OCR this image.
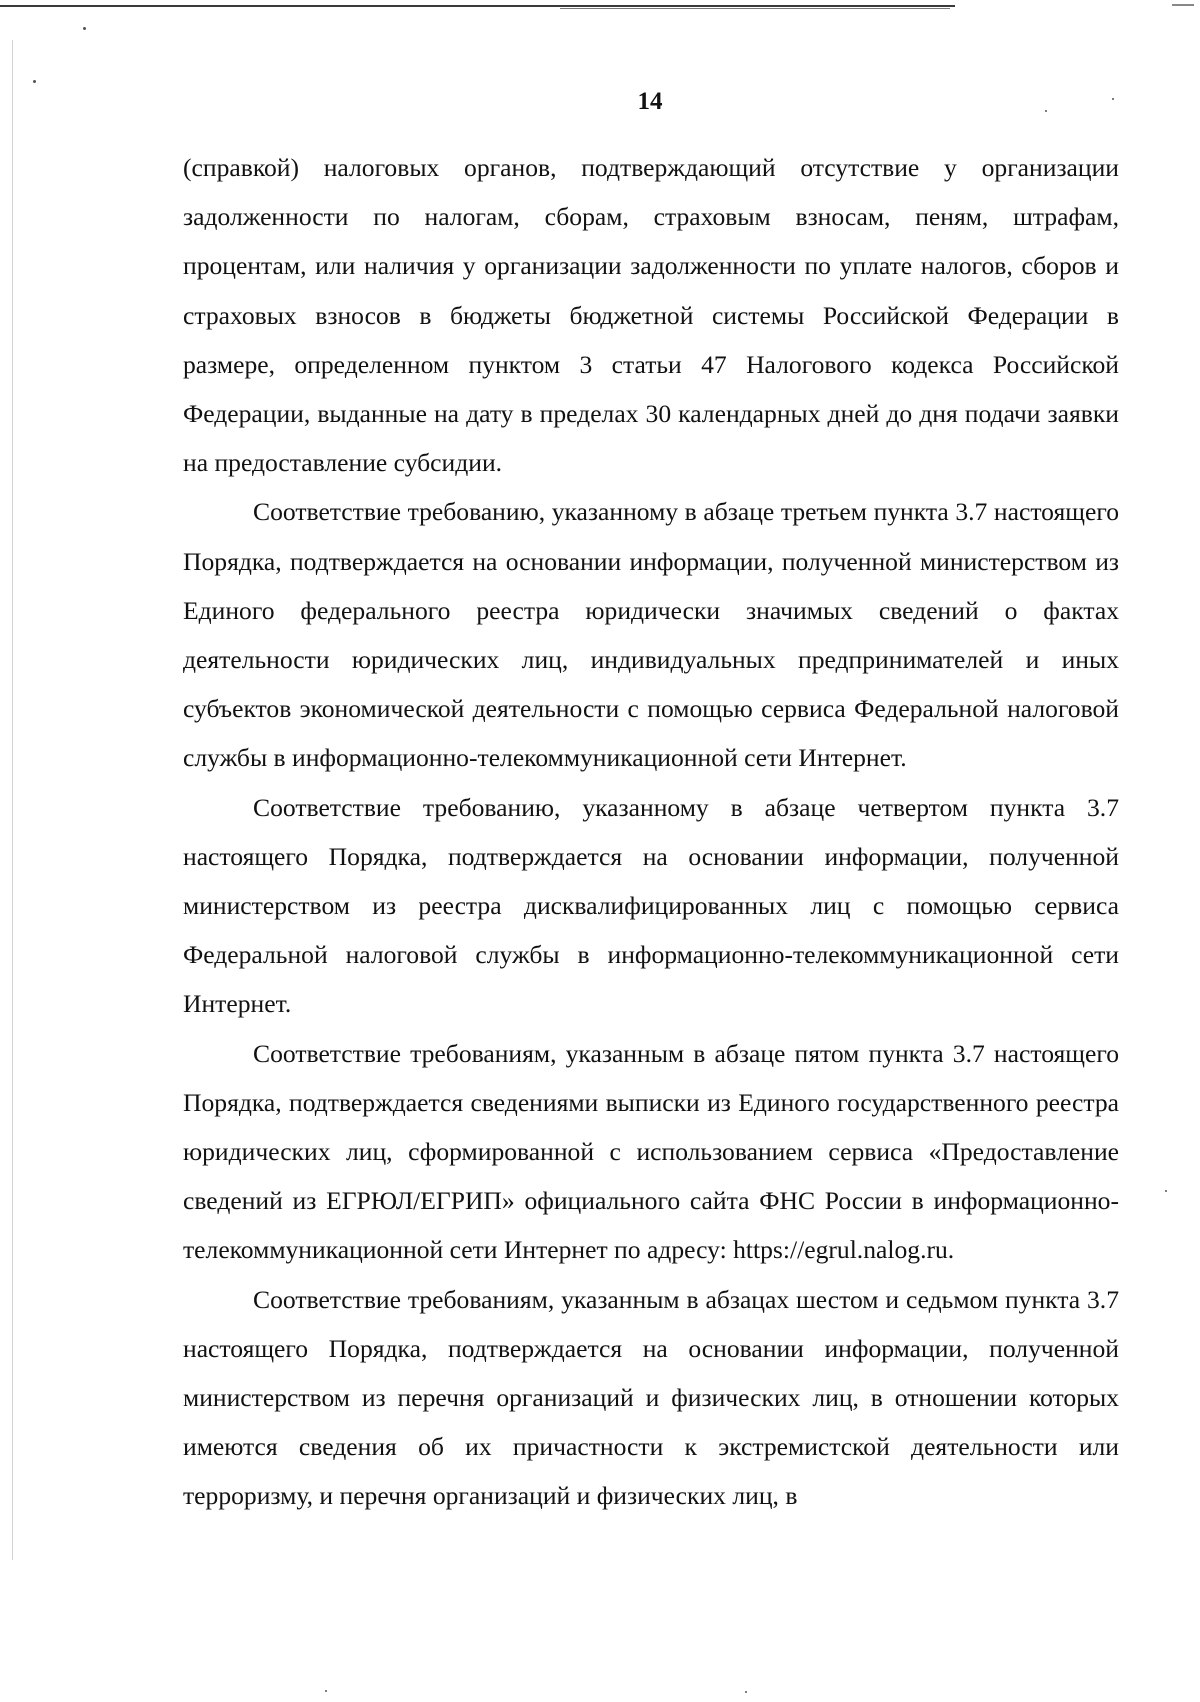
14

(справкой) налоговых органов, подтверждающий отсутствие у организации задолженности по налогам, сборам, страховым взносам, пеням, штрафам, процентам, или наличия у организации задолженности по уплате налогов, сборов и страховых взносов в бюджеты бюджетной системы Российской Федерации в размере, определенном пунктом 3 статьи 47 Налогового кодекса Российской Федерации, выданные на дату в пределах 30 календарных дней до дня подачи заявки на предоставление субсидии.

Соответствие требованию, указанному в абзаце третьем пункта 3.7 настоящего Порядка, подтверждается на основании информации, полученной министерством из Единого федерального реестра юридически значимых сведений о фактах деятельности юридических лиц, индивидуальных предпринимателей и иных субъектов экономической деятельности с помощью сервиса Федеральной налоговой службы в информационно-телекоммуникационной сети Интернет.

Соответствие требованию, указанному в абзаце четвертом пункта 3.7 настоящего Порядка, подтверждается на основании информации, полученной министерством из реестра дисквалифицированных лиц с помощью сервиса Федеральной налоговой службы в информационно-телекоммуникационной сети Интернет.

Соответствие требованиям, указанным в абзаце пятом пункта 3.7 настоящего Порядка, подтверждается сведениями выписки из Единого государственного реестра юридических лиц, сформированной с использованием сервиса «Предоставление сведений из ЕГРЮЛ/ЕГРИП» официального сайта ФНС России в информационно-телекоммуникационной сети Интернет по адресу: https://egrul.nalog.ru.

Соответствие требованиям, указанным в абзацах шестом и седьмом пункта 3.7 настоящего Порядка, подтверждается на основании информации, полученной министерством из перечня организаций и физических лиц, в отношении которых имеются сведения об их причастности к экстремистской деятельности или терроризму, и перечня организаций и физических лиц, в
